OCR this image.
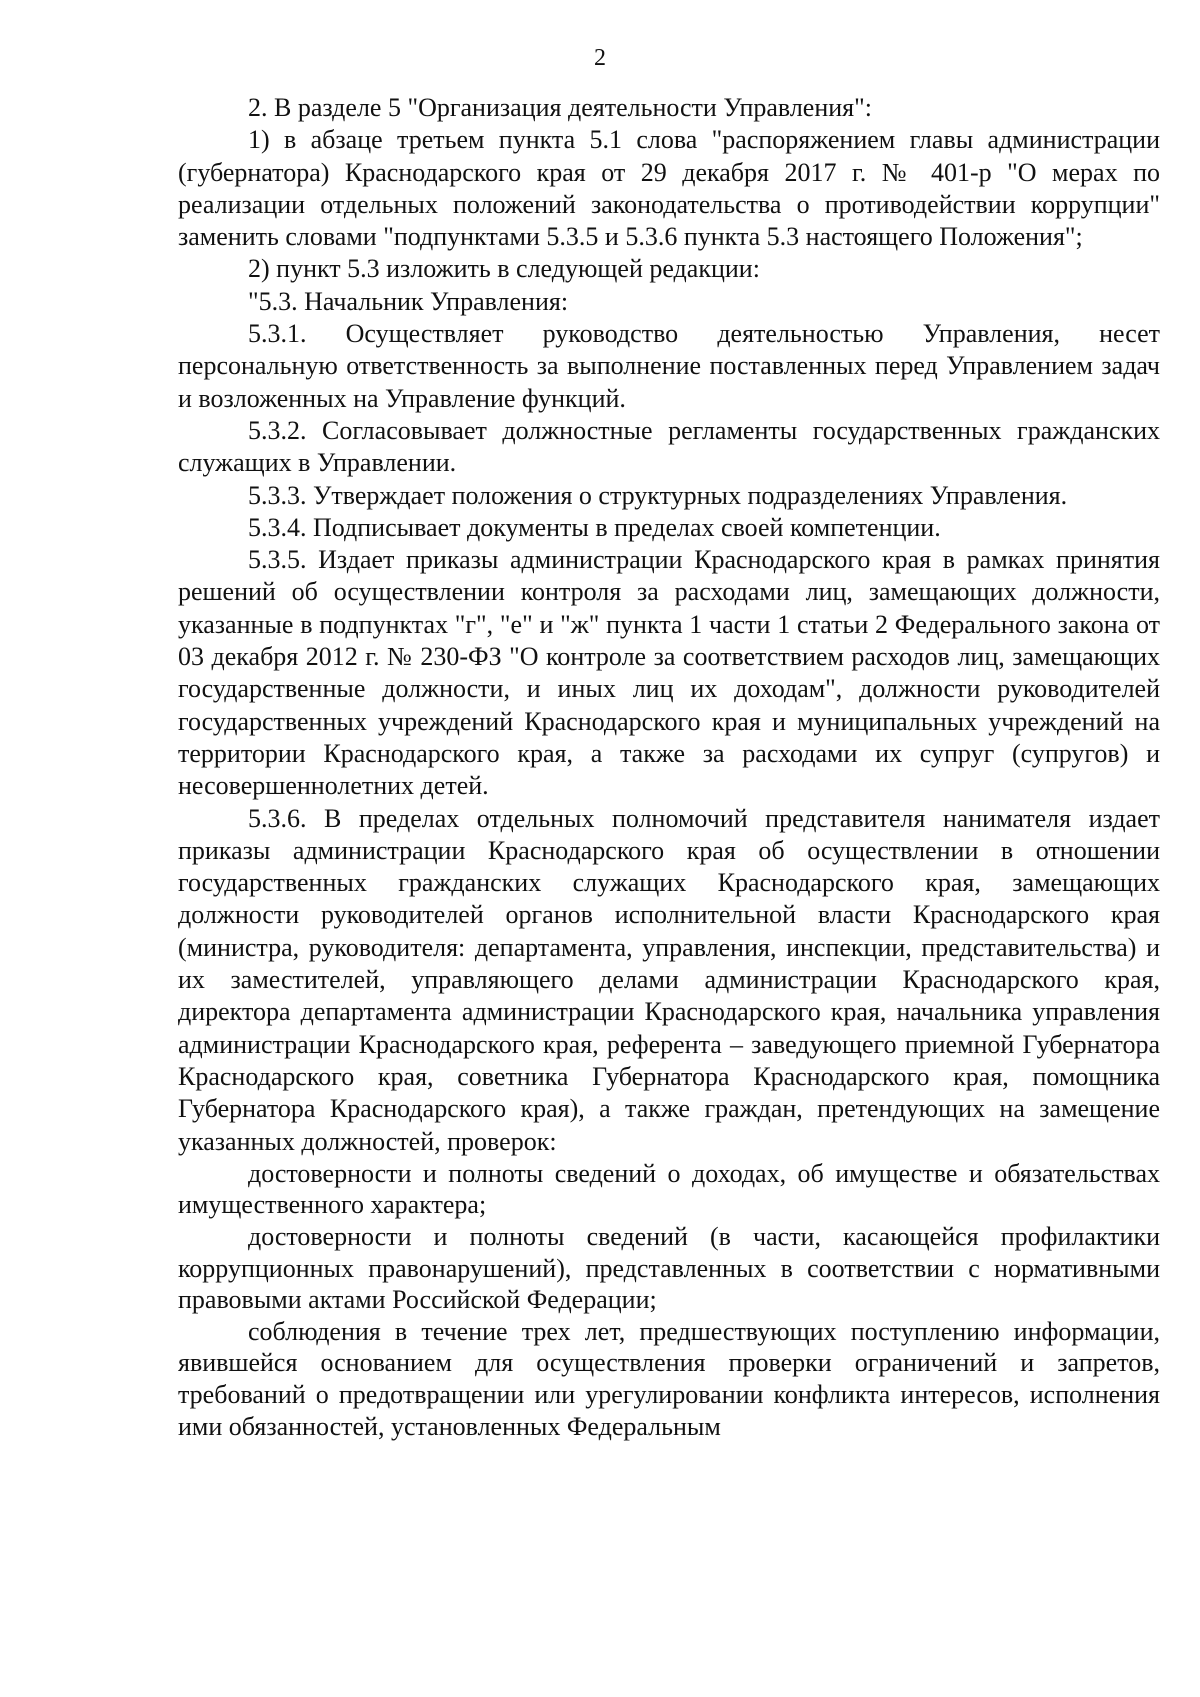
2

2. В разделе 5 "Организация деятельности Управления":

1) в абзаце третьем пункта 5.1 слова "распоряжением главы администрации (губернатора) Краснодарского края от 29 декабря 2017 г. № 401-р "О мерах по реализации отдельных положений законодательства о противодействии коррупции" заменить словами "подпунктами 5.3.5 и 5.3.6 пункта 5.3 настоящего Положения";

2) пункт 5.3 изложить в следующей редакции:

"5.3. Начальник Управления:

5.3.1. Осуществляет руководство деятельностью Управления, несет персональную ответственность за выполнение поставленных перед Управлением задач и возложенных на Управление функций.

5.3.2. Согласовывает должностные регламенты государственных гражданских служащих в Управлении.

5.3.3. Утверждает положения о структурных подразделениях Управления.

5.3.4. Подписывает документы в пределах своей компетенции.

5.3.5. Издает приказы администрации Краснодарского края в рамках принятия решений об осуществлении контроля за расходами лиц, замещающих должности, указанные в подпунктах "г", "е" и "ж" пункта 1 части 1 статьи 2 Федерального закона от 03 декабря 2012 г. № 230-ФЗ "О контроле за соответствием расходов лиц, замещающих государственные должности, и иных лиц их доходам", должности руководителей государственных учреждений Краснодарского края и муниципальных учреждений на территории Краснодарского края, а также за расходами их супруг (супругов) и несовершеннолетних детей.

5.3.6. В пределах отдельных полномочий представителя нанимателя издает приказы администрации Краснодарского края об осуществлении в отношении государственных гражданских служащих Краснодарского края, замещающих должности руководителей органов исполнительной власти Краснодарского края (министра, руководителя: департамента, управления, инспекции, представительства) и их заместителей, управляющего делами администрации Краснодарского края, директора департамента администрации Краснодарского края, начальника управления администрации Краснодарского края, референта – заведующего приемной Губернатора Краснодарского края, советника Губернатора Краснодарского края, помощника Губернатора Краснодарского края), а также граждан, претендующих на замещение указанных должностей, проверок:

достоверности и полноты сведений о доходах, об имуществе и обязательствах имущественного характера;

достоверности и полноты сведений (в части, касающейся профилактики коррупционных правонарушений), представленных в соответствии с нормативными правовыми актами Российской Федерации;

соблюдения в течение трех лет, предшествующих поступлению информации, явившейся основанием для осуществления проверки ограничений и запретов, требований о предотвращении или урегулировании конфликта интересов, исполнения ими обязанностей, установленных Федеральным
